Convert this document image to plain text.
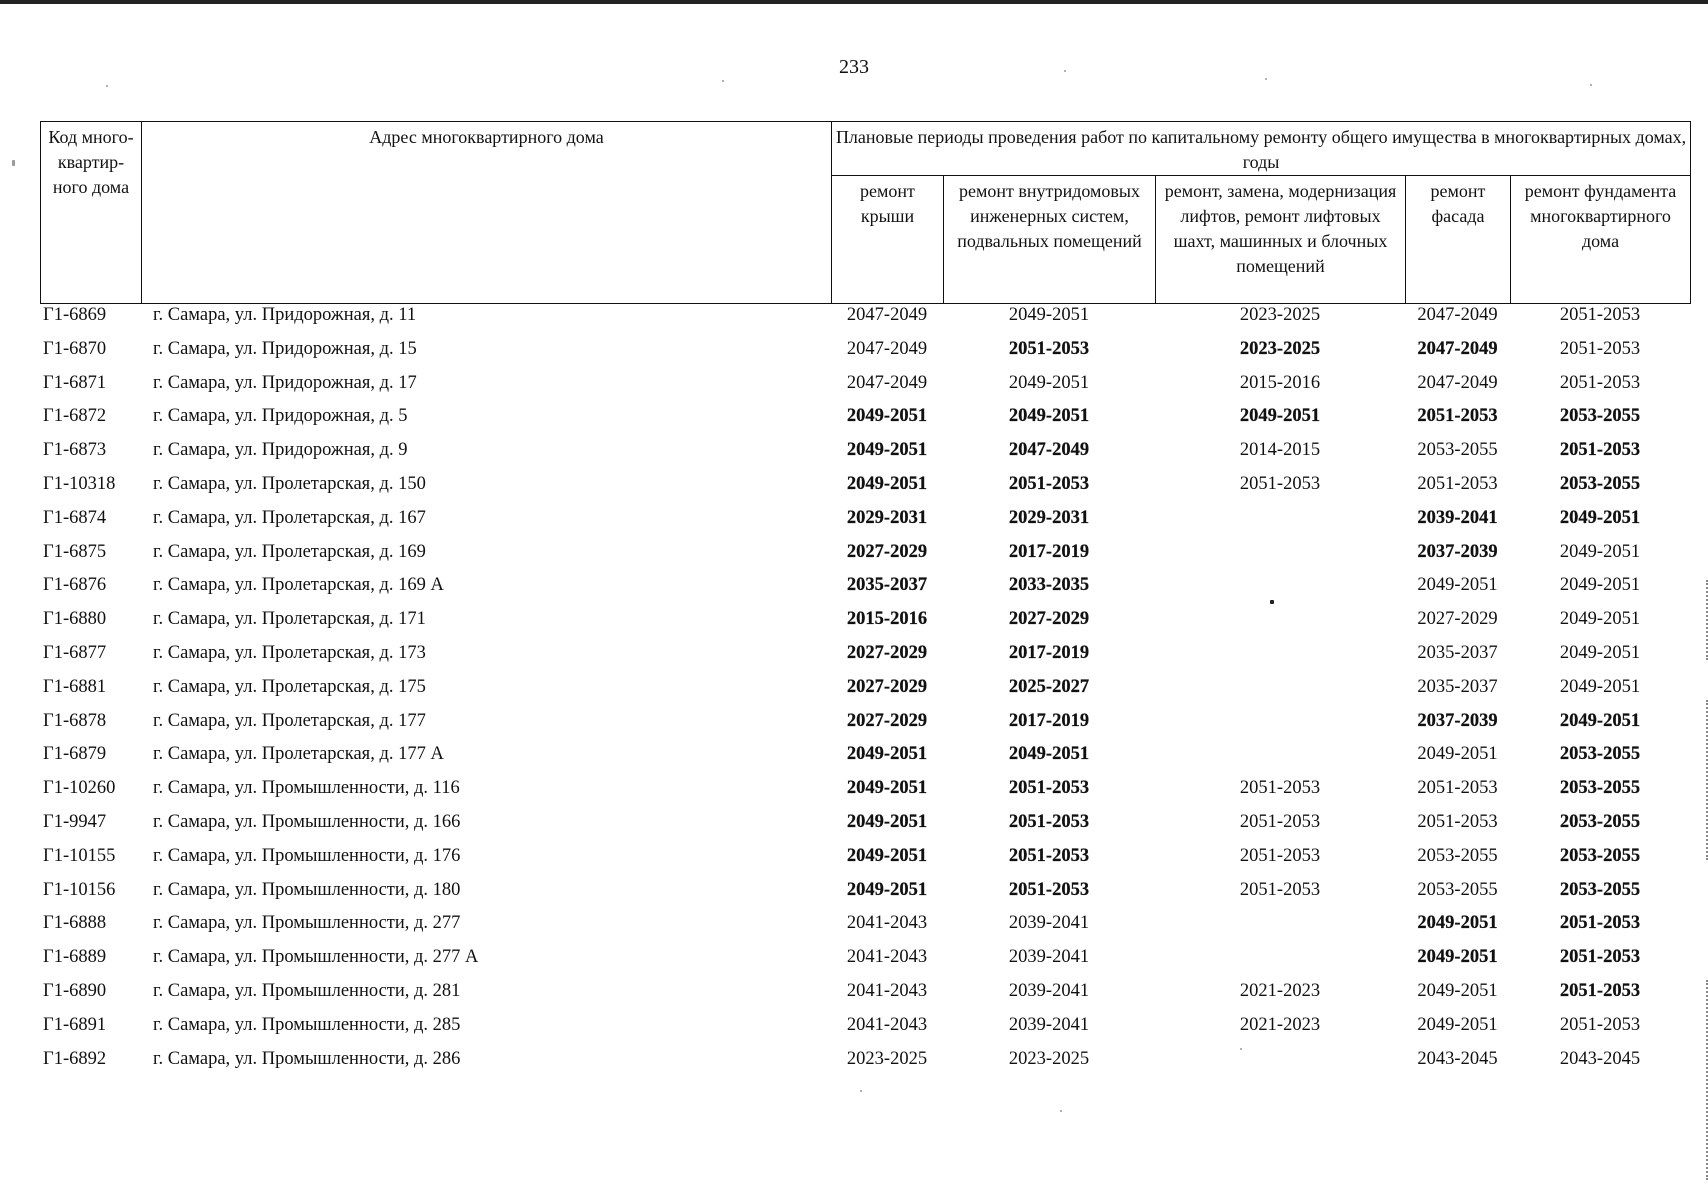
233
Код много-квартир-ного дома	Адрес многоквартирного дома	Плановые периоды проведения работ по капитальному ремонту общего имущества в многоквартирных домах, годы				
		ремонт крыши	ремонт внутридомовых инженерных систем, подвальных помещений	ремонт, замена, модернизация лифтов, ремонт лифтовых шахт, машинных и блочных помещений	ремонт фасада	ремонт фундамента многоквартирного дома
Г1-6869	г. Самара, ул. Придорожная, д. 11	2047-2049	2049-2051	2023-2025	2047-2049	2051-2053
Г1-6870	г. Самара, ул. Придорожная, д. 15	2047-2049	2051-2053	2023-2025	2047-2049	2051-2053
Г1-6871	г. Самара, ул. Придорожная, д. 17	2047-2049	2049-2051	2015-2016	2047-2049	2051-2053
Г1-6872	г. Самара, ул. Придорожная, д. 5	2049-2051	2049-2051	2049-2051	2051-2053	2053-2055
Г1-6873	г. Самара, ул. Придорожная, д. 9	2049-2051	2047-2049	2014-2015	2053-2055	2051-2053
Г1-10318	г. Самара, ул. Пролетарская, д. 150	2049-2051	2051-2053	2051-2053	2051-2053	2053-2055
Г1-6874	г. Самара, ул. Пролетарская, д. 167	2029-2031	2029-2031		2039-2041	2049-2051
Г1-6875	г. Самара, ул. Пролетарская, д. 169	2027-2029	2017-2019		2037-2039	2049-2051
Г1-6876	г. Самара, ул. Пролетарская, д. 169 А	2035-2037	2033-2035		2049-2051	2049-2051
Г1-6880	г. Самара, ул. Пролетарская, д. 171	2015-2016	2027-2029		2027-2029	2049-2051
Г1-6877	г. Самара, ул. Пролетарская, д. 173	2027-2029	2017-2019		2035-2037	2049-2051
Г1-6881	г. Самара, ул. Пролетарская, д. 175	2027-2029	2025-2027		2035-2037	2049-2051
Г1-6878	г. Самара, ул. Пролетарская, д. 177	2027-2029	2017-2019		2037-2039	2049-2051
Г1-6879	г. Самара, ул. Пролетарская, д. 177 А	2049-2051	2049-2051		2049-2051	2053-2055
Г1-10260	г. Самара, ул. Промышленности, д. 116	2049-2051	2051-2053	2051-2053	2051-2053	2053-2055
Г1-9947	г. Самара, ул. Промышленности, д. 166	2049-2051	2051-2053	2051-2053	2051-2053	2053-2055
Г1-10155	г. Самара, ул. Промышленности, д. 176	2049-2051	2051-2053	2051-2053	2053-2055	2053-2055
Г1-10156	г. Самара, ул. Промышленности, д. 180	2049-2051	2051-2053	2051-2053	2053-2055	2053-2055
Г1-6888	г. Самара, ул. Промышленности, д. 277	2041-2043	2039-2041		2049-2051	2051-2053
Г1-6889	г. Самара, ул. Промышленности, д. 277 А	2041-2043	2039-2041		2049-2051	2051-2053
Г1-6890	г. Самара, ул. Промышленности, д. 281	2041-2043	2039-2041	2021-2023	2049-2051	2051-2053
Г1-6891	г. Самара, ул. Промышленности, д. 285	2041-2043	2039-2041	2021-2023	2049-2051	2051-2053
Г1-6892	г. Самара, ул. Промышленности, д. 286	2023-2025	2023-2025		2043-2045	2043-2045
